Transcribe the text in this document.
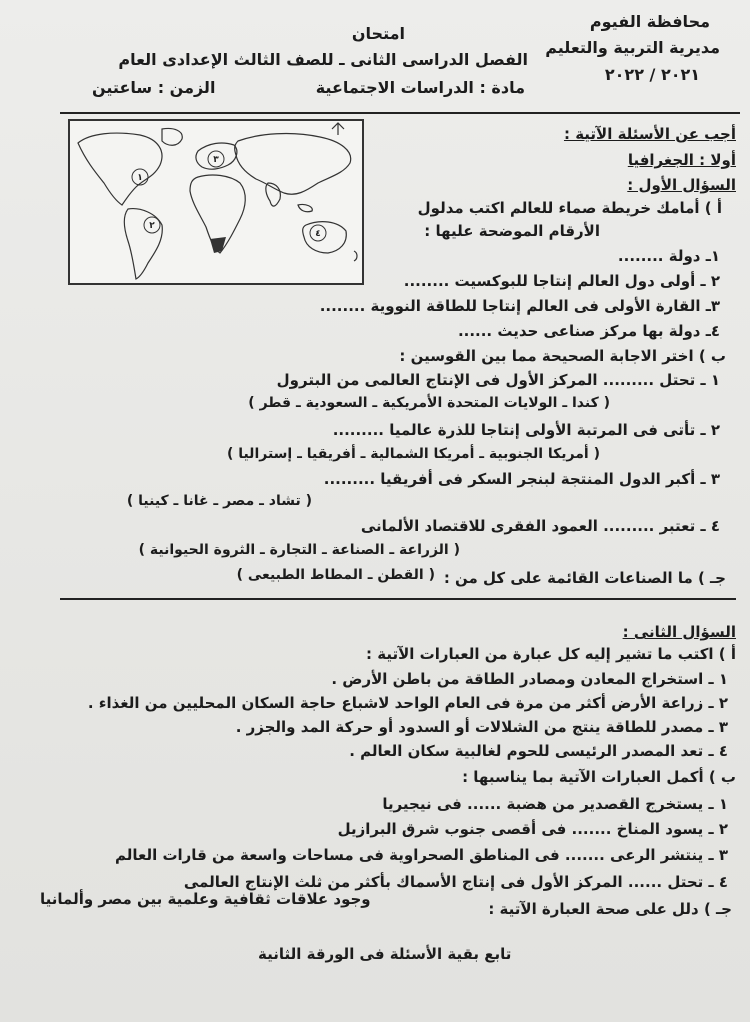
محافظة الفيوم
مديرية التربية والتعليم
٢٠٢١ / ٢٠٢٢
امتحان
الفصل الدراسى الثانى ـ للصف الثالث الإعدادى العام
مادة : الدراسات الاجتماعية
الزمن : ساعتين
١
٢
٣
٤
أجب عن الأسئلة الآتية :
أولا : الجغرافيا
السؤال الأول :
أ ) أمامك خريطة صماء للعالم اكتب مدلول
الأرقام الموضحة عليها :
١ـ دولة ........
٢ ـ أولى دول العالم إنتاجا للبوكسيت ........
٣ـ القارة الأولى فى العالم إنتاجا للطاقة النووية ........
٤ـ دولة بها مركز صناعى حديث ......
ب ) اختر الاجابة الصحيحة مما بين القوسين :
١ ـ تحتل ......... المركز الأول فى الإنتاج العالمى من البترول
( كندا ـ الولايات المتحدة الأمريكية ـ السعودية ـ قطر )
٢ ـ تأتى فى المرتبة الأولى إنتاجا للذرة عالميا .........
( أمريكا الجنوبية ـ أمريكا الشمالية ـ أفريقيا ـ إستراليا )
٣ ـ أكبر الدول المنتجة لبنجر السكر فى أفريقيا .........
( تشاد ـ مصر ـ غانا ـ كينيا )
٤ ـ تعتبر ......... العمود الفقرى للاقتصاد الألمانى
( الزراعة ـ الصناعة ـ التجارة ـ الثروة الحيوانية )
جـ ) ما الصناعات القائمة على كل من :
( القطن ـ المطاط الطبيعى )
السؤال الثانى :
أ ) اكتب ما تشير إليه كل عبارة من العبارات الآتية :
١ ـ استخراج المعادن ومصادر الطاقة من باطن الأرض .
٢ ـ زراعة الأرض أكثر من مرة فى العام الواحد لاشباع حاجة السكان المحليين من الغذاء .
٣ ـ مصدر للطاقة ينتج من الشلالات أو السدود أو حركة المد والجزر .
٤ ـ تعد المصدر الرئيسى للحوم لغالبية سكان العالم .
ب ) أكمل العبارات الآتية بما يناسبها :
١ ـ يستخرج القصدير من هضبة ...... فى نيجيريا
٢ ـ يسود المناخ ....... فى أقصى جنوب شرق البرازيل
٣ ـ ينتشر الرعى ....... فى المناطق الصحراوية فى مساحات واسعة من قارات العالم
٤ ـ تحتل ...... المركز الأول فى إنتاج الأسماك بأكثر من ثلث الإنتاج العالمى
جـ ) دلل على صحة العبارة الآتية :
وجود علاقات ثقافية وعلمية بين مصر وألمانيا
تابع بقية الأسئلة فى الورقة الثانية
